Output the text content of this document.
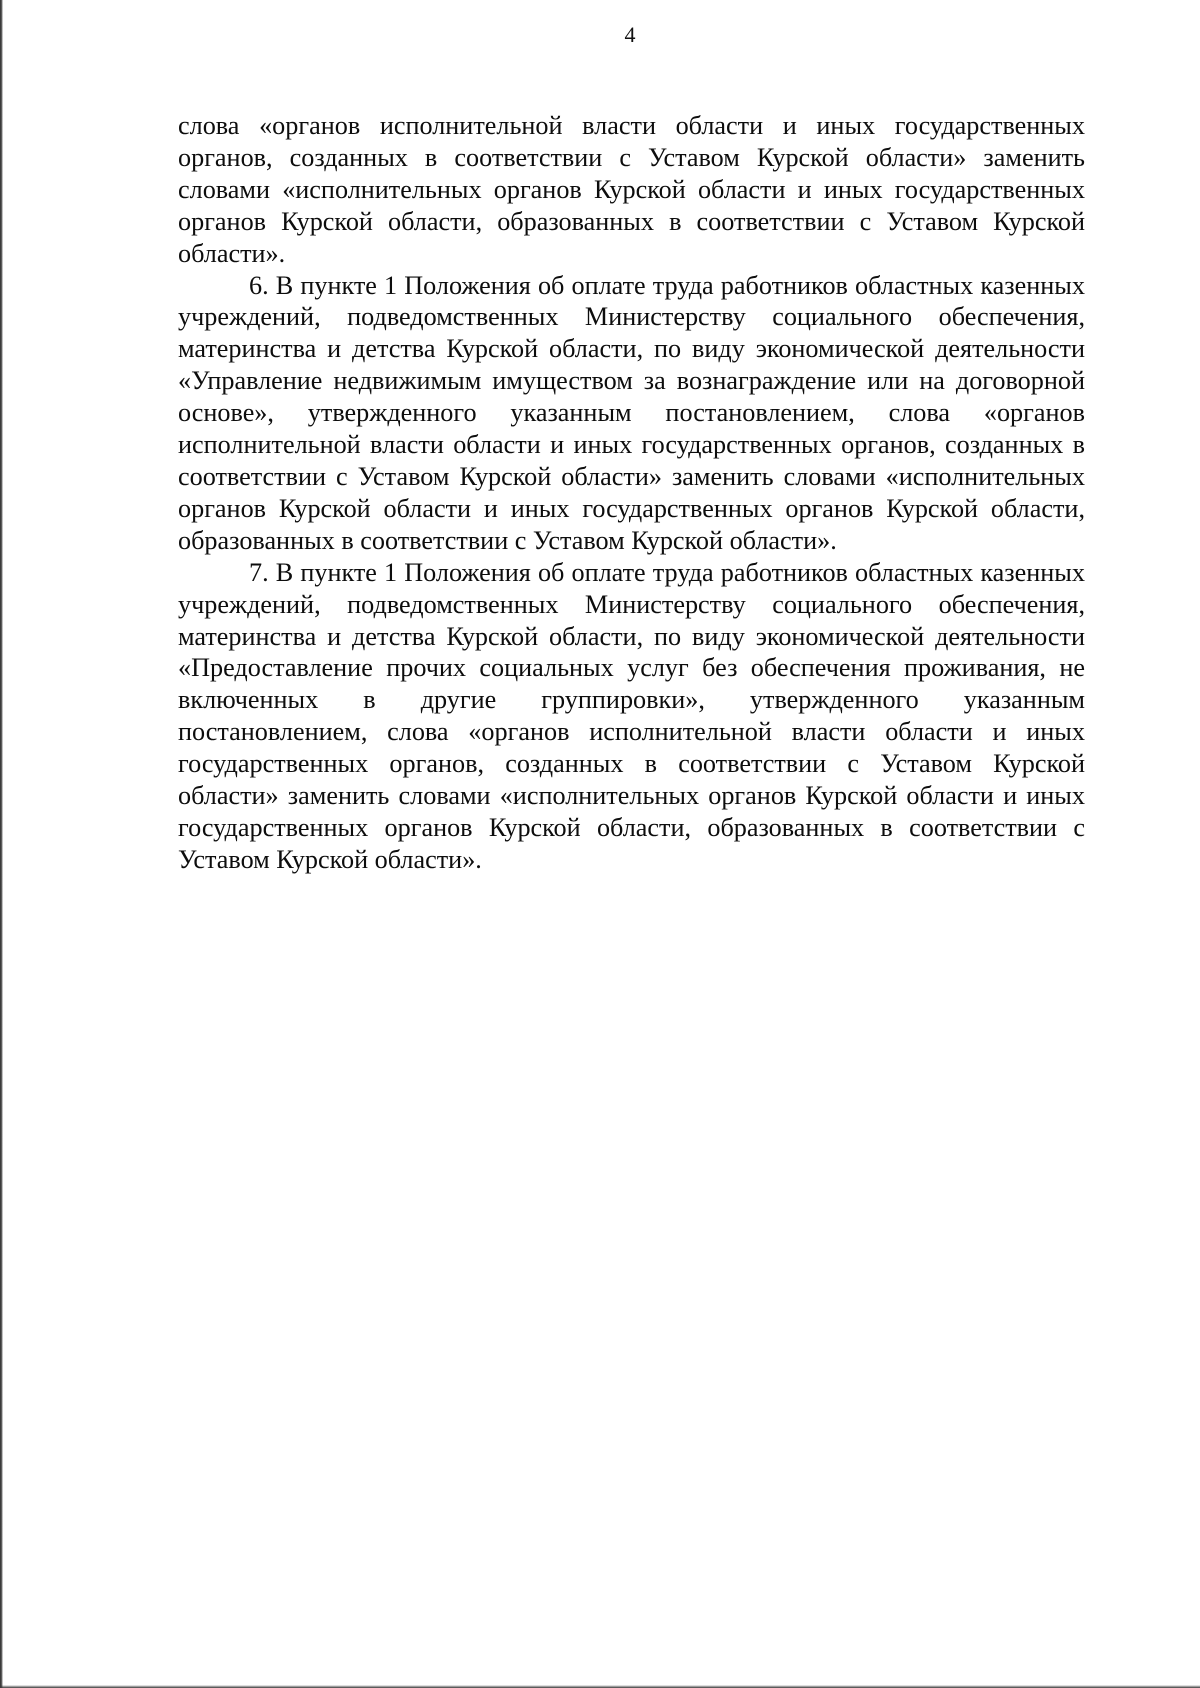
4

слова «органов исполнительной власти области и иных государственных органов, созданных в соответствии с Уставом Курской области» заменить словами «исполнительных органов Курской области и иных государственных органов Курской области, образованных в соответствии с Уставом Курской области».

6. В пункте 1 Положения об оплате труда работников областных казенных учреждений, подведомственных Министерству социального обеспечения, материнства и детства Курской области, по виду экономической деятельности «Управление недвижимым имуществом за вознаграждение или на договорной основе», утвержденного указанным постановлением, слова «органов исполнительной власти области и иных государственных органов, созданных в соответствии с Уставом Курской области» заменить словами «исполнительных органов Курской области и иных государственных органов Курской области, образованных в соответствии с Уставом Курской области».

7. В пункте 1 Положения об оплате труда работников областных казенных учреждений, подведомственных Министерству социального обеспечения, материнства и детства Курской области, по виду экономической деятельности «Предоставление прочих социальных услуг без обеспечения проживания, не включенных в другие группировки», утвержденного указанным постановлением, слова «органов исполнительной власти области и иных государственных органов, созданных в соответствии с Уставом Курской области» заменить словами «исполнительных органов Курской области и иных государственных органов Курской области, образованных в соответствии с Уставом Курской области».
